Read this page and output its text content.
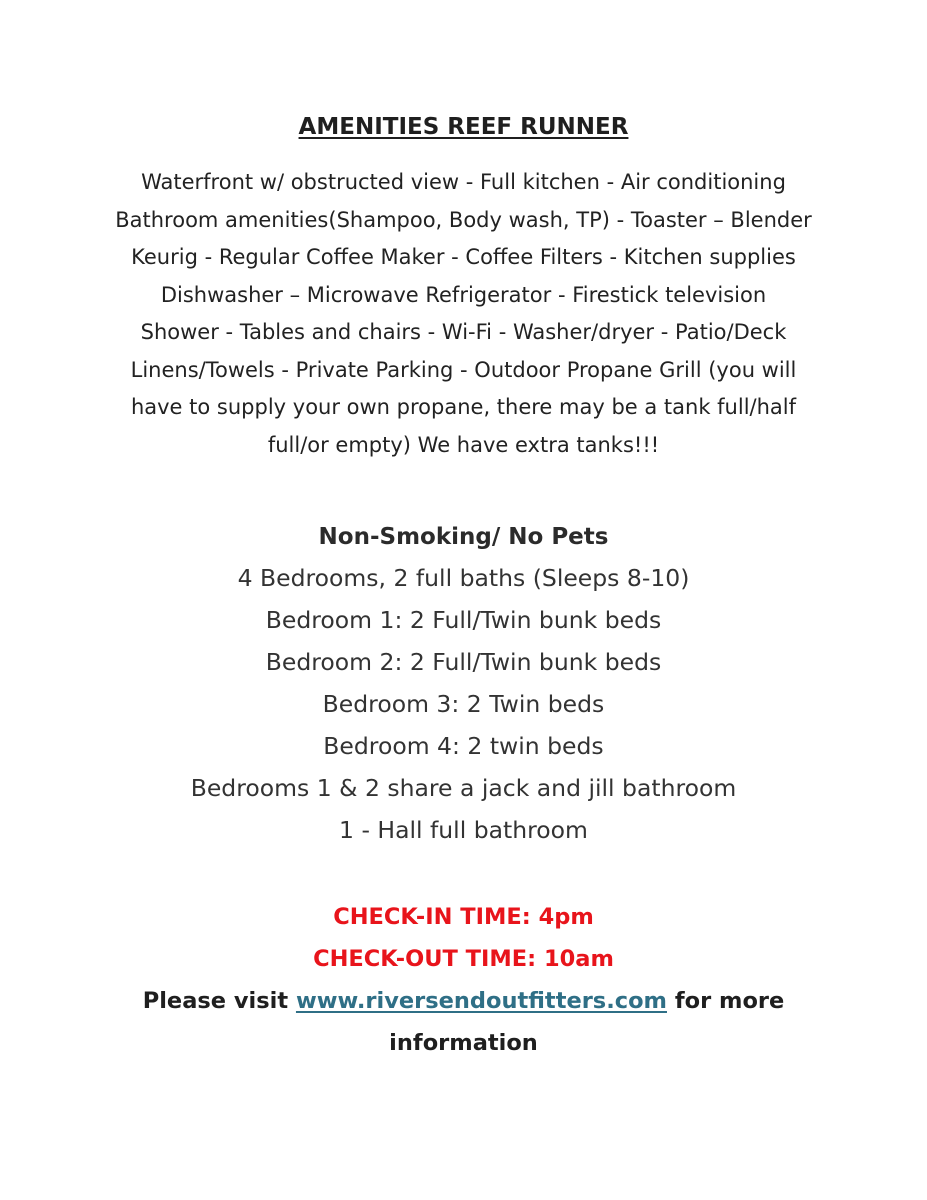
AMENITIES REEF RUNNER
Waterfront w/ obstructed view - Full kitchen - Air conditioning
Bathroom amenities(Shampoo, Body wash, TP) - Toaster – Blender
Keurig - Regular Coffee Maker - Coffee Filters - Kitchen supplies
Dishwasher – Microwave Refrigerator - Firestick television
Shower - Tables and chairs - Wi-Fi - Washer/dryer - Patio/Deck
Linens/Towels - Private Parking - Outdoor Propane Grill (you will
have to supply your own propane, there may be a tank full/half
full/or empty) We have extra tanks!!!
Non-Smoking/ No Pets
4 Bedrooms, 2 full baths (Sleeps 8-10)
Bedroom 1: 2 Full/Twin bunk beds
Bedroom 2: 2 Full/Twin bunk beds
Bedroom 3: 2 Twin beds
Bedroom 4: 2 twin beds
Bedrooms 1 & 2 share a jack and jill bathroom
1 - Hall full bathroom
CHECK-IN TIME: 4pm
CHECK-OUT TIME: 10am
Please visit www.riversendoutfitters.com for more
information
